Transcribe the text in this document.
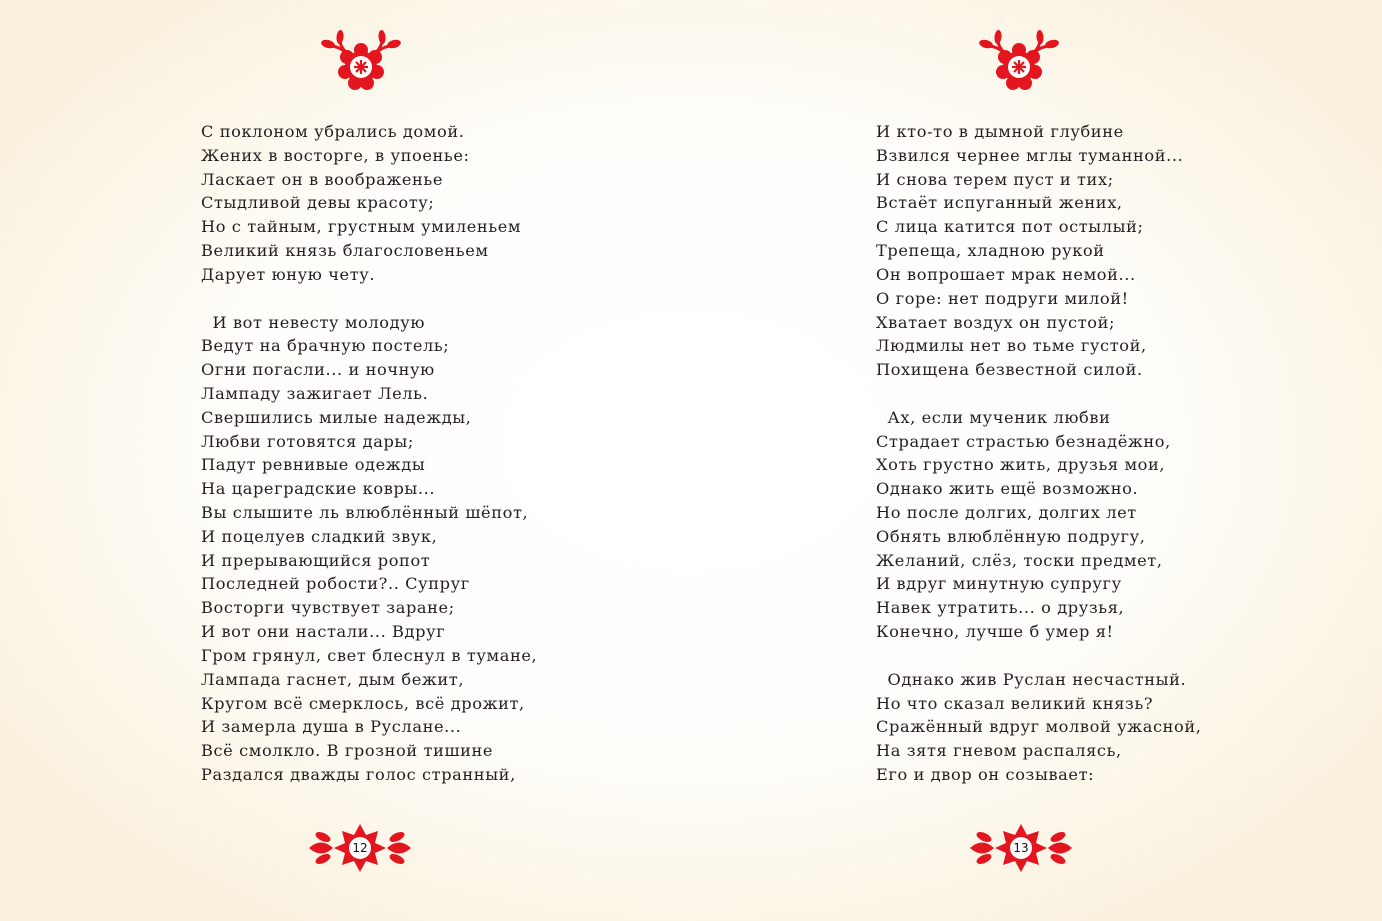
С поклоном убрались домой.
Жених в восторге, в упоенье:
Ласкает он в воображенье
Стыдливой девы красоту;
Но с тайным, грустным умиленьем
Великий князь благословеньем
Дарует юную чету.
И вот невесту молодую
Ведут на брачную постель;
Огни погасли... и ночную
Лампаду зажигает Лель.
Свершились милые надежды,
Любви готовятся дары;
Падут ревнивые одежды
На цареградские ковры...
Вы слышите ль влюблённый шёпот,
И поцелуев сладкий звук,
И прерывающийся ропот
Последней робости?.. Супруг
Восторги чувствует заране;
И вот они настали... Вдруг
Гром грянул, свет блеснул в тумане,
Лампада гаснет, дым бежит,
Кругом всё смерклось, всё дрожит,
И замерла душа в Руслане...
Всё смолкло. В грозной тишине
Раздался дважды голос странный,
12
И кто-то в дымной глубине
Взвился чернее мглы туманной...
И снова терем пуст и тих;
Встаёт испуганный жених,
С лица катится пот остылый;
Трепеща, хладною рукой
Он вопрошает мрак немой...
О горе: нет подруги милой!
Хватает воздух он пустой;
Людмилы нет во тьме густой,
Похищена безвестной силой.
Ах, если мученик любви
Страдает страстью безнадёжно,
Хоть грустно жить, друзья мои,
Однако жить ещё возможно.
Но после долгих, долгих лет
Обнять влюблённую подругу,
Желаний, слёз, тоски предмет,
И вдруг минутную супругу
Навек утратить... о друзья,
Конечно, лучше б умер я!
Однако жив Руслан несчастный.
Но что сказал великий князь?
Сражённый вдруг молвой ужасной,
На зятя гневом распалясь,
Его и двор он созывает:
13
